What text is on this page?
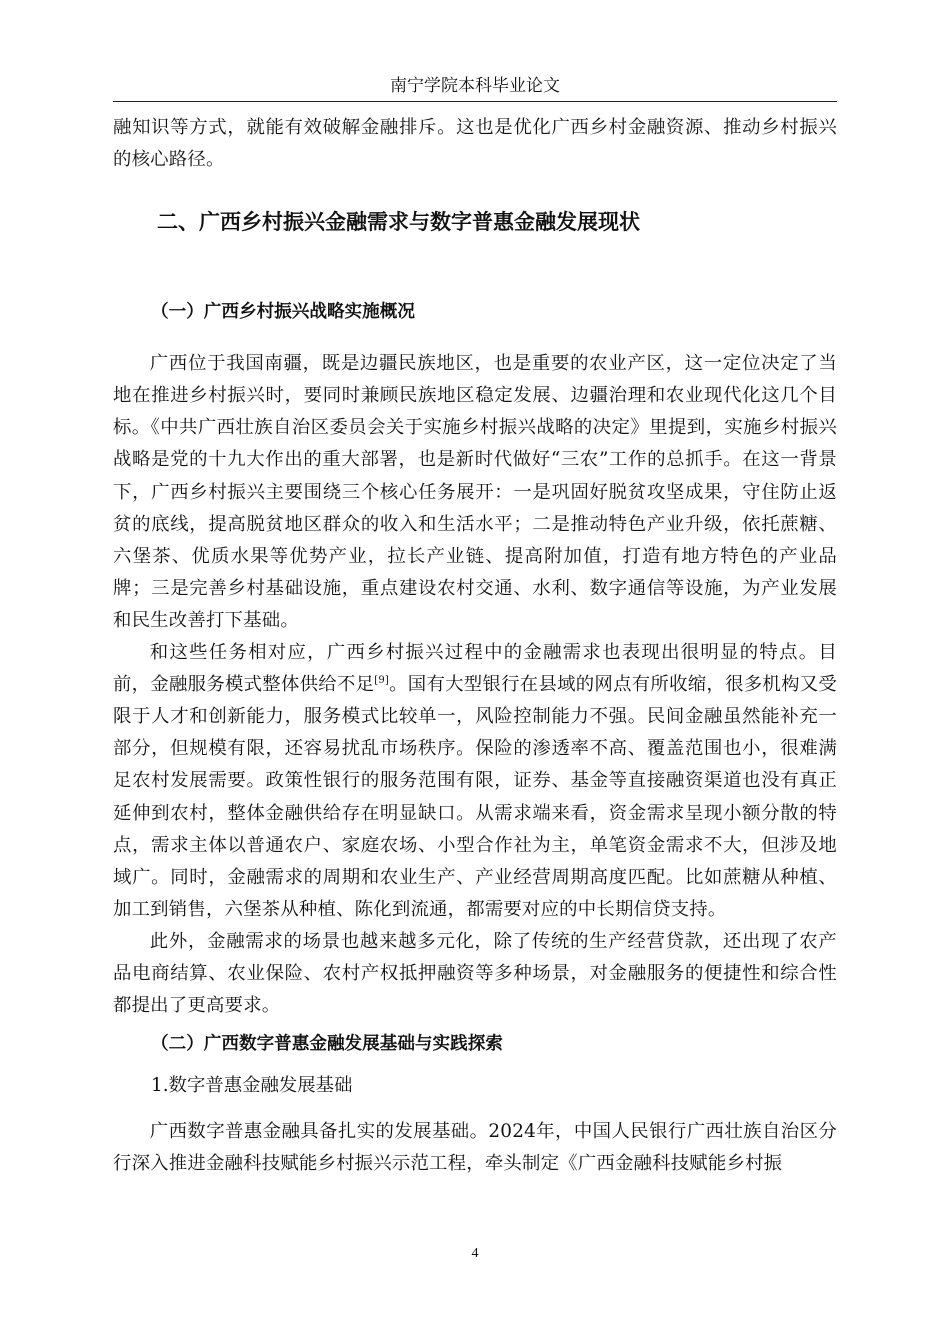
南宁学院本科毕业论文

融知识等方式，就能有效破解金融排斥。这也是优化广西乡村金融资源、推动乡村振兴的核心路径。

二、广西乡村振兴金融需求与数字普惠金融发展现状
（一）广西乡村振兴战略实施概况

广西位于我国南疆，既是边疆民族地区，也是重要的农业产区，这一定位决定了当地在推进乡村振兴时，要同时兼顾民族地区稳定发展、边疆治理和农业现代化这几个目标。《中共广西壮族自治区委员会关于实施乡村振兴战略的决定》里提到，实施乡村振兴战略是党的十九大作出的重大部署，也是新时代做好“三农”工作的总抓手。在这一背景下，广西乡村振兴主要围绕三个核心任务展开：一是巩固好脱贫攻坚成果，守住防止返贫的底线，提高脱贫地区群众的收入和生活水平；二是推动特色产业升级，依托蔗糖、六堡茶、优质水果等优势产业，拉长产业链、提高附加值，打造有地方特色的产业品牌；三是完善乡村基础设施，重点建设农村交通、水利、数字通信等设施，为产业发展和民生改善打下基础。

和这些任务相对应，广西乡村振兴过程中的金融需求也表现出很明显的特点。目前，金融服务模式整体供给不足[9]。国有大型银行在县域的网点有所收缩，很多机构又受限于人才和创新能力，服务模式比较单一，风险控制能力不强。民间金融虽然能补充一部分，但规模有限，还容易扰乱市场秩序。保险的渗透率不高、覆盖范围也小，很难满足农村发展需要。政策性银行的服务范围有限，证券、基金等直接融资渠道也没有真正延伸到农村，整体金融供给存在明显缺口。从需求端来看，资金需求呈现小额分散的特点，需求主体以普通农户、家庭农场、小型合作社为主，单笔资金需求不大，但涉及地域广。同时，金融需求的周期和农业生产、产业经营周期高度匹配。比如蔗糖从种植、加工到销售，六堡茶从种植、陈化到流通，都需要对应的中长期信贷支持。

此外，金融需求的场景也越来越多元化，除了传统的生产经营贷款，还出现了农产品电商结算、农业保险、农村产权抵押融资等多种场景，对金融服务的便捷性和综合性都提出了更高要求。

（二）广西数字普惠金融发展基础与实践探索

1.数字普惠金融发展基础

广西数字普惠金融具备扎实的发展基础。2024年，中国人民银行广西壮族自治区分行深入推进金融科技赋能乡村振兴示范工程，牵头制定《广西金融科技赋能乡村振

4
